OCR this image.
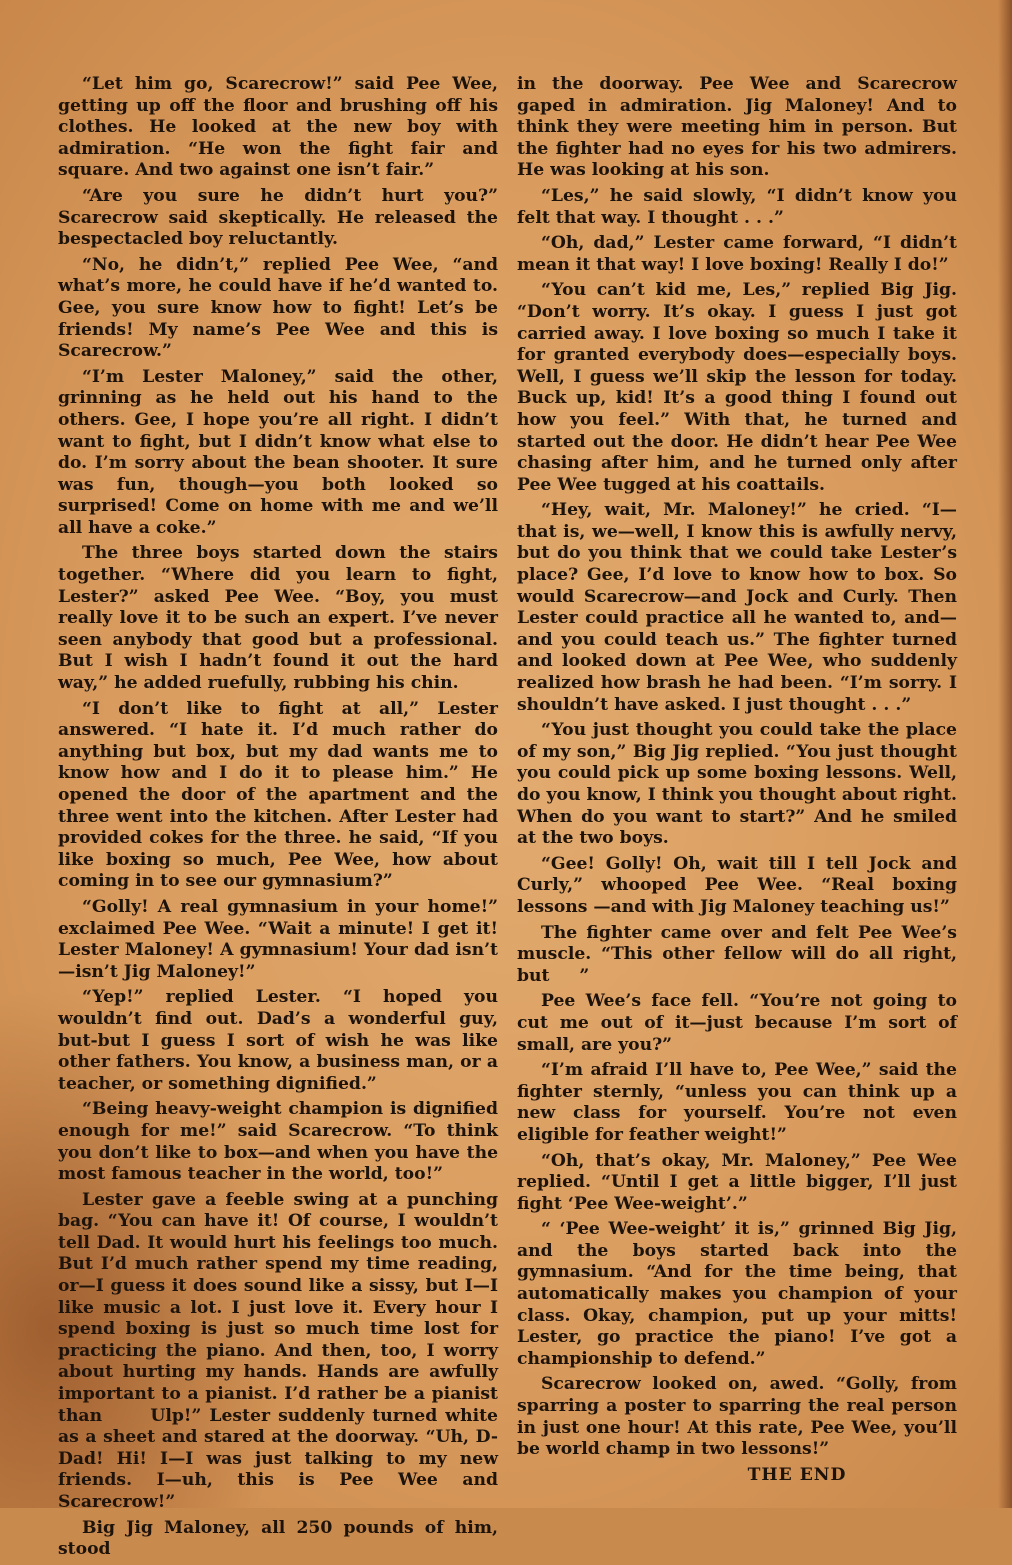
“Let him go, Scarecrow!” said Pee Wee, getting up off the floor and brushing off his clothes. He looked at the new boy with admiration. “He won the fight fair and square. And two against one isn’t fair.”

“Are you sure he didn’t hurt you?” Scarecrow said skeptically. He released the bespectacled boy reluctantly.

“No, he didn’t,” replied Pee Wee, “and what’s more, he could have if he’d wanted to. Gee, you sure know how to fight! Let’s be friends! My name’s Pee Wee and this is Scarecrow.”

“I’m Lester Maloney,” said the other, grinning as he held out his hand to the others. Gee, I hope you’re all right. I didn’t want to fight, but I didn’t know what else to do. I’m sorry about the bean shooter. It sure was fun, though—you both looked so surprised! Come on home with me and we’ll all have a coke.”

The three boys started down the stairs together. “Where did you learn to fight, Lester?” asked Pee Wee. “Boy, you must really love it to be such an expert. I’ve never seen anybody that good but a professional. But I wish I hadn’t found it out the hard way,” he added ruefully, rubbing his chin.

“I don’t like to fight at all,” Lester answered. “I hate it. I’d much rather do anything but box, but my dad wants me to know how and I do it to please him.” He opened the door of the apartment and the three went into the kitchen. After Lester had provided cokes for the three. he said, “If you like boxing so much, Pee Wee, how about coming in to see our gymnasium?”

“Golly! A real gymnasium in your home!” exclaimed Pee Wee. “Wait a minute! I get it! Lester Maloney! A gymnasium! Your dad isn’t —isn’t Jig Maloney!”

“Yep!” replied Lester. “I hoped you wouldn’t find out. Dad’s a wonderful guy, but-but I guess I sort of wish he was like other fathers. You know, a business man, or a teacher, or something dignified.”

“Being heavy-weight champion is dignified enough for me!” said Scarecrow. “To think you don’t like to box—and when you have the most famous teacher in the world, too!”

Lester gave a feeble swing at a punching bag. “You can have it! Of course, I wouldn’t tell Dad. It would hurt his feelings too much. But I’d much rather spend my time reading, or—I guess it does sound like a sissy, but I—I like music a lot. I just love it. Every hour I spend boxing is just so much time lost for practicing the piano. And then, too, I worry about hurting my hands. Hands are awfully important to a pianist. I’d rather be a pianist than      Ulp!” Lester suddenly turned white as a sheet and stared at the doorway. “Uh, D-Dad! Hi! I—I was just talking to my new friends. I—uh, this is Pee Wee and Scarecrow!”

Big Jig Maloney, all 250 pounds of him, stood

in the doorway. Pee Wee and Scarecrow gaped in admiration. Jig Maloney! And to think they were meeting him in person. But the fighter had no eyes for his two admirers. He was looking at his son.

“Les,” he said slowly, “I didn’t know you felt that way. I thought . . .”

“Oh, dad,” Lester came forward, “I didn’t mean it that way! I love boxing! Really I do!”

“You can’t kid me, Les,” replied Big Jig. “Don’t worry. It’s okay. I guess I just got carried away. I love boxing so much I take it for granted everybody does—especially boys. Well, I guess we’ll skip the lesson for today. Buck up, kid! It’s a good thing I found out how you feel.” With that, he turned and started out the door. He didn’t hear Pee Wee chasing after him, and he turned only after Pee Wee tugged at his coattails.

“Hey, wait, Mr. Maloney!” he cried. “I—that is, we—well, I know this is awfully nervy, but do you think that we could take Lester’s place? Gee, I’d love to know how to box. So would Scarecrow—and Jock and Curly. Then Lester could practice all he wanted to, and—and you could teach us.” The fighter turned and looked down at Pee Wee, who suddenly realized how brash he had been. “I’m sorry. I shouldn’t have asked. I just thought . . .”

“You just thought you could take the place of my son,” Big Jig replied. “You just thought you could pick up some boxing lessons. Well, do you know, I think you thought about right. When do you want to start?” And he smiled at the two boys.

“Gee! Golly! Oh, wait till I tell Jock and Curly,” whooped Pee Wee. “Real boxing lessons —and with Jig Maloney teaching us!”

The fighter came over and felt Pee Wee’s muscle. “This other fellow will do all right, but     ”

Pee Wee’s face fell. “You’re not going to cut me out of it—just because I’m sort of small, are you?”

“I’m afraid I’ll have to, Pee Wee,” said the fighter sternly, “unless you can think up a new class for yourself. You’re not even eligible for feather weight!”

“Oh, that’s okay, Mr. Maloney,” Pee Wee replied. “Until I get a little bigger, I’ll just fight ‘Pee Wee-weight’.”

“ ‘Pee Wee-weight’ it is,” grinned Big Jig, and the boys started back into the gymnasium. “And for the time being, that automatically makes you champion of your class. Okay, champion, put up your mitts! Lester, go practice the piano! I’ve got a championship to defend.”

Scarecrow looked on, awed. “Golly, from sparring a poster to sparring the real person in just one hour! At this rate, Pee Wee, you’ll be world champ in two lessons!”

THE END
